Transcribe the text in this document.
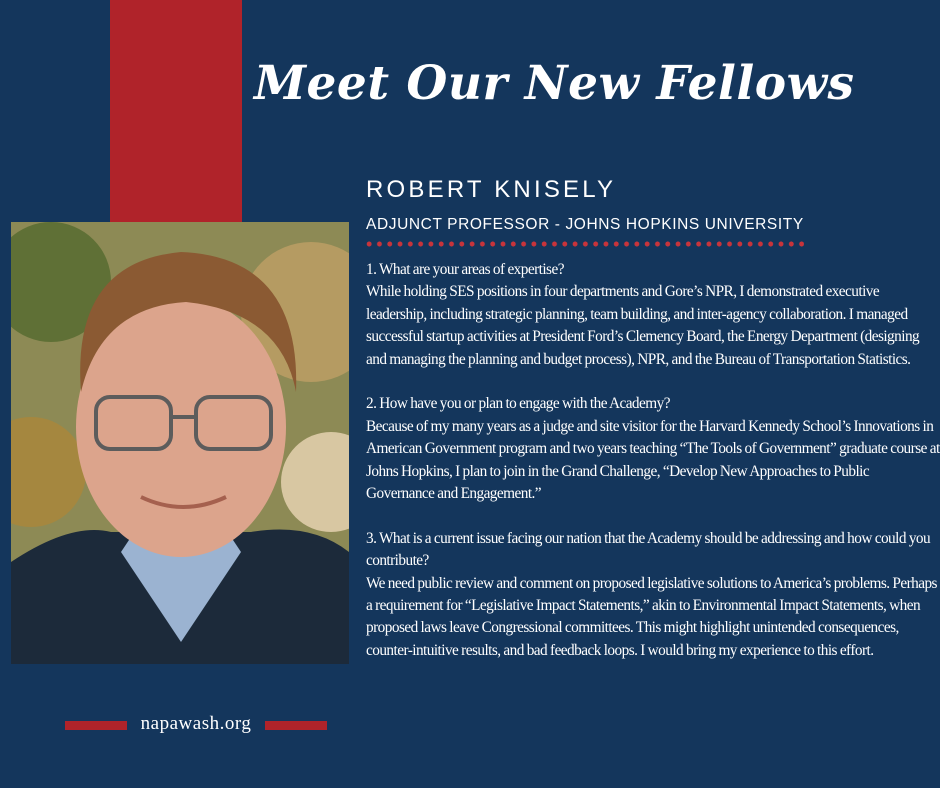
Meet Our New Fellows
ROBERT KNISELY
ADJUNCT PROFESSOR - JOHNS HOPKINS UNIVERSITY

1. What are your areas of expertise?
While holding SES positions in four departments and Gore’s NPR, I demonstrated executive leadership, including strategic planning, team building, and inter-agency collaboration. I managed successful startup activities at President Ford’s Clemency Board, the Energy Department (designing and managing the planning and budget process), NPR, and the Bureau of Transportation Statistics.

2. How have you or plan to engage with the Academy?
Because of my many years as a judge and site visitor for the Harvard Kennedy School’s Innovations in American Government program and two years teaching “The Tools of Government” graduate course at Johns Hopkins, I plan to join in the Grand Challenge, “Develop New Approaches to Public Governance and Engagement.”

3. What is a current issue facing our nation that the Academy should be addressing and how could you contribute?
We need public review and comment on proposed legislative solutions to America’s problems. Perhaps a requirement for “Legislative Impact Statements,” akin to Environmental Impact Statements, when proposed laws leave Congressional committees. This might highlight unintended consequences, counter-intuitive results, and bad feedback loops. I would bring my experience to this effort.

napawash.org
